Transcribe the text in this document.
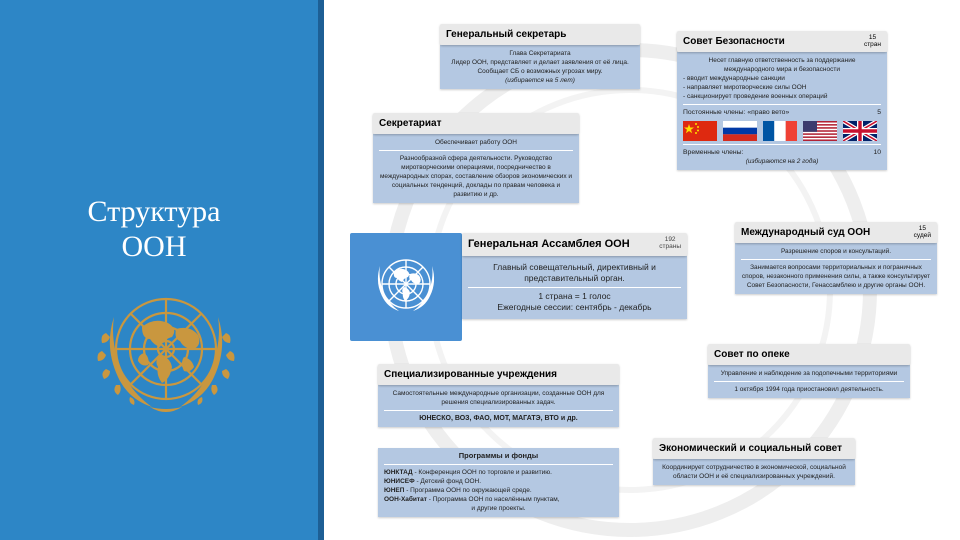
Структура
ООН
Генеральный секретарь

Глава Секретариата

Лидер ООН, представляет и делает заявления от её лица. Сообщает СБ о возможных угрозах миру.

(избирается на 5 лет)

Совет Безопасности	15
стран

Несет главную ответственность за поддержание международного мира и безопасности

- вводит международные санкции

- направляет миротворческие силы ООН

- санкционирует проведение военных операций

Постоянные члены: «право вето»	5
Временные члены:	10

(избираются на 2 года)

Секретариат

Обеспечивает работу ООН

Разнообразной сфера деятельности. Руководство миротворческими операциями, посредничество в международных спорах, составление обзоров экономических и социальных тенденций, доклады по правам человека и развитию и др.

Генеральная Ассамблея ООН	192
страны

Главный совещательный, директивный и представительный орган.

1 страна = 1 голос

Ежегодные сессии: сентябрь - декабрь

Международный суд ООН	15
судей

Разрешение споров и консультаций.

Занимается вопросами территориальных и пограничных споров, незаконного применения силы, а также консультирует Совет Безопасности, Генассамблею и другие органы ООН.

Совет по опеке

Управление и наблюдение за подопечными территориями

1 октября 1994 года приостановил деятельность.

Специализированные учреждения

Самостоятельные международные организации, созданные ООН для решения специализированных задач.

ЮНЕСКО, ВОЗ, ФАО, МОТ, МАГАТЭ, ВТО и др.

Программы и фонды

ЮНКТАД - Конференция ООН по торговле и развитию.

ЮНИСЕФ - Детский фонд ООН.

ЮНЕП - Программа ООН по окружающей среде.

ООН-Хабитат - Программа ООН по населённым пунктам,

и другие проекты.

Экономический и социальный совет

Координирует сотрудничество в экономической, социальной области ООН и её специализированных учреждений.
